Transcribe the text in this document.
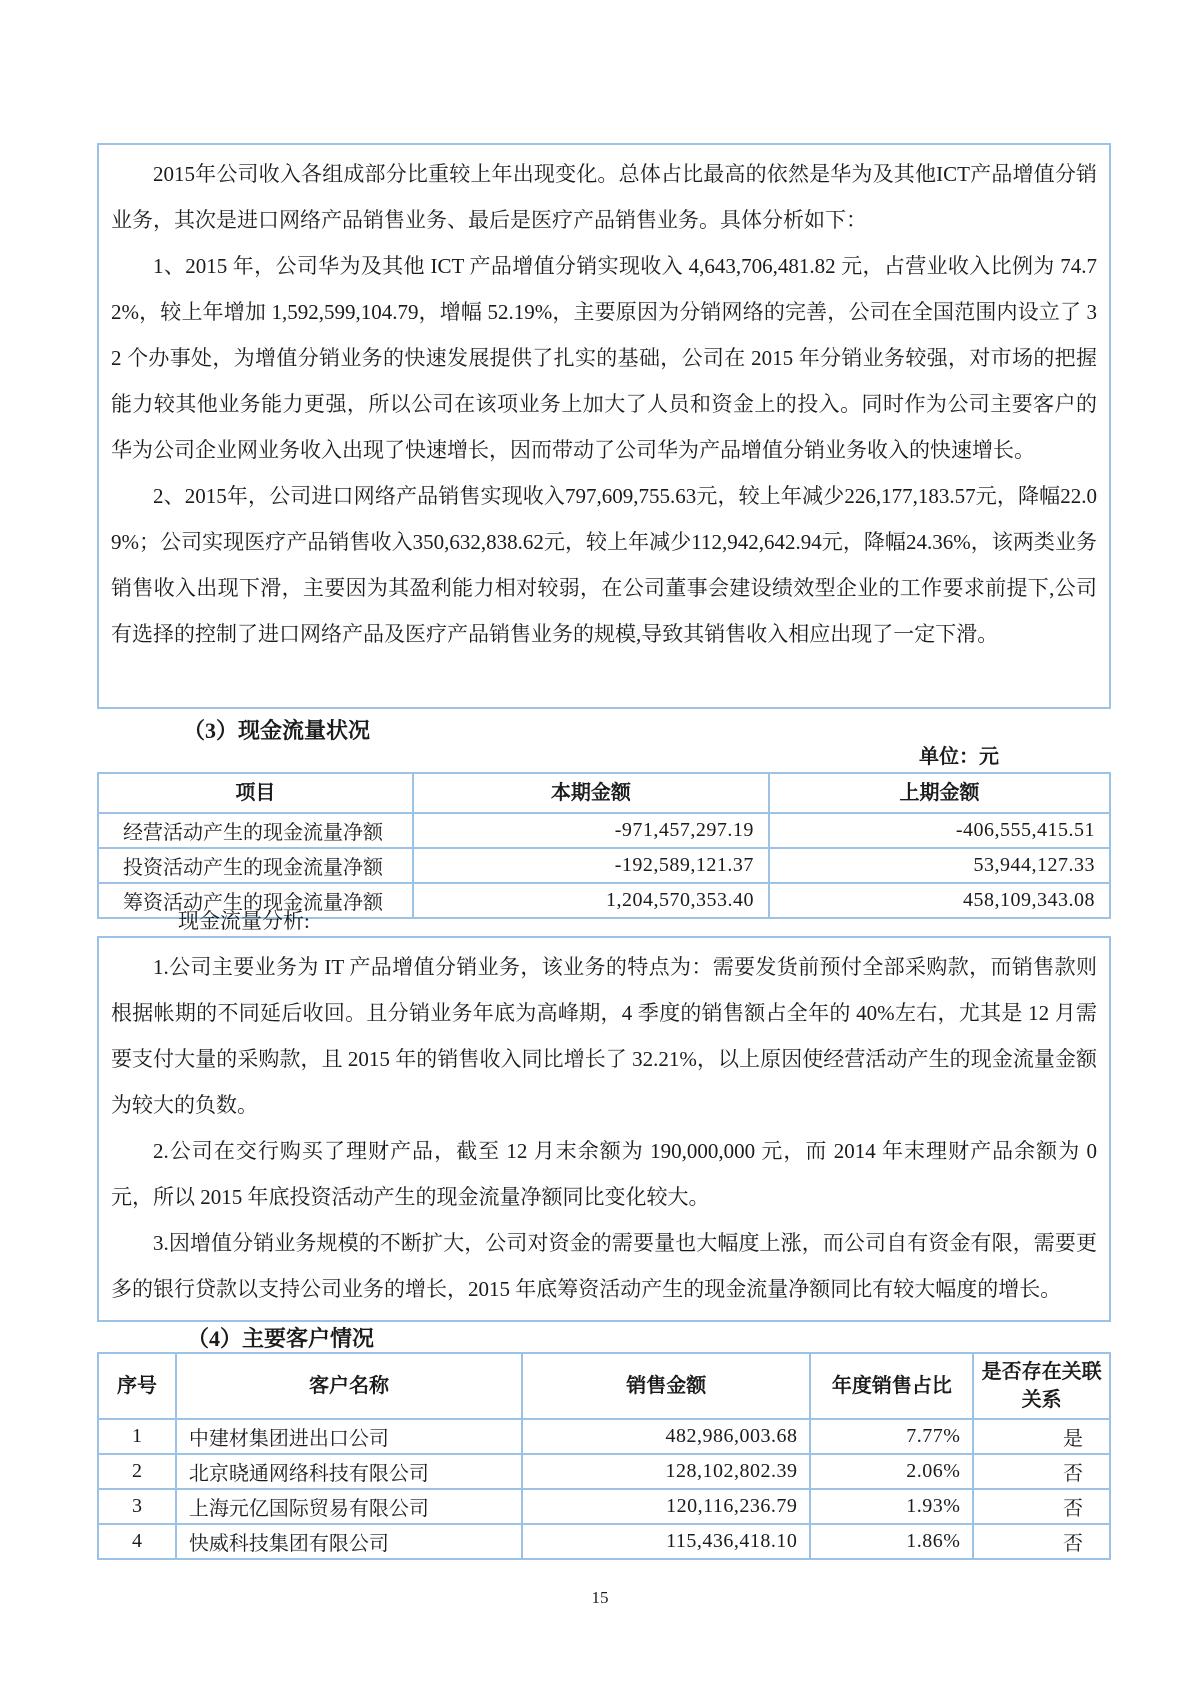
2015年公司收入各组成部分比重较上年出现变化。总体占比最高的依然是华为及其他ICT产品增值分销业务，其次是进口网络产品销售业务、最后是医疗产品销售业务。具体分析如下：

1、2015 年，公司华为及其他 ICT 产品增值分销实现收入 4,643,706,481.82 元，占营业收入比例为 74.72%，较上年增加 1,592,599,104.79，增幅 52.19%，主要原因为分销网络的完善，公司在全国范围内设立了 32 个办事处，为增值分销业务的快速发展提供了扎实的基础，公司在 2015 年分销业务较强，对市场的把握能力较其他业务能力更强，所以公司在该项业务上加大了人员和资金上的投入。同时作为公司主要客户的华为公司企业网业务收入出现了快速增长，因而带动了公司华为产品增值分销业务收入的快速增长。

2、2015年，公司进口网络产品销售实现收入797,609,755.63元，较上年减少226,177,183.57元，降幅22.09%；公司实现医疗产品销售收入350,632,838.62元，较上年减少112,942,642.94元，降幅24.36%，该两类业务销售收入出现下滑，主要因为其盈利能力相对较弱，在公司董事会建设绩效型企业的工作要求前提下,公司有选择的控制了进口网络产品及医疗产品销售业务的规模,导致其销售收入相应出现了一定下滑。

（3）现金流量状况
单位：元
项目	本期金额	上期金额
经营活动产生的现金流量净额	-971,457,297.19	-406,555,415.51
投资活动产生的现金流量净额	-192,589,121.37	53,944,127.33
筹资活动产生的现金流量净额	1,204,570,353.40	458,109,343.08
现金流量分析:

1.公司主要业务为 IT 产品增值分销业务，该业务的特点为：需要发货前预付全部采购款，而销售款则根据帐期的不同延后收回。且分销业务年底为高峰期，4 季度的销售额占全年的 40%左右，尤其是 12 月需要支付大量的采购款，且 2015 年的销售收入同比增长了 32.21%，以上原因使经营活动产生的现金流量金额为较大的负数。

2.公司在交行购买了理财产品，截至 12 月末余额为 190,000,000 元，而 2014 年末理财产品余额为 0 元，所以 2015 年底投资活动产生的现金流量净额同比变化较大。

3.因增值分销业务规模的不断扩大，公司对资金的需要量也大幅度上涨，而公司自有资金有限，需要更多的银行贷款以支持公司业务的增长，2015 年底筹资活动产生的现金流量净额同比有较大幅度的增长。

（4）主要客户情况
序号	客户名称	销售金额	年度销售占比	是否存在关联关系
1	中建材集团进出口公司	482,986,003.68	7.77%	是
2	北京晓通网络科技有限公司	128,102,802.39	2.06%	否
3	上海元亿国际贸易有限公司	120,116,236.79	1.93%	否
4	快威科技集团有限公司	115,436,418.10	1.86%	否
15
